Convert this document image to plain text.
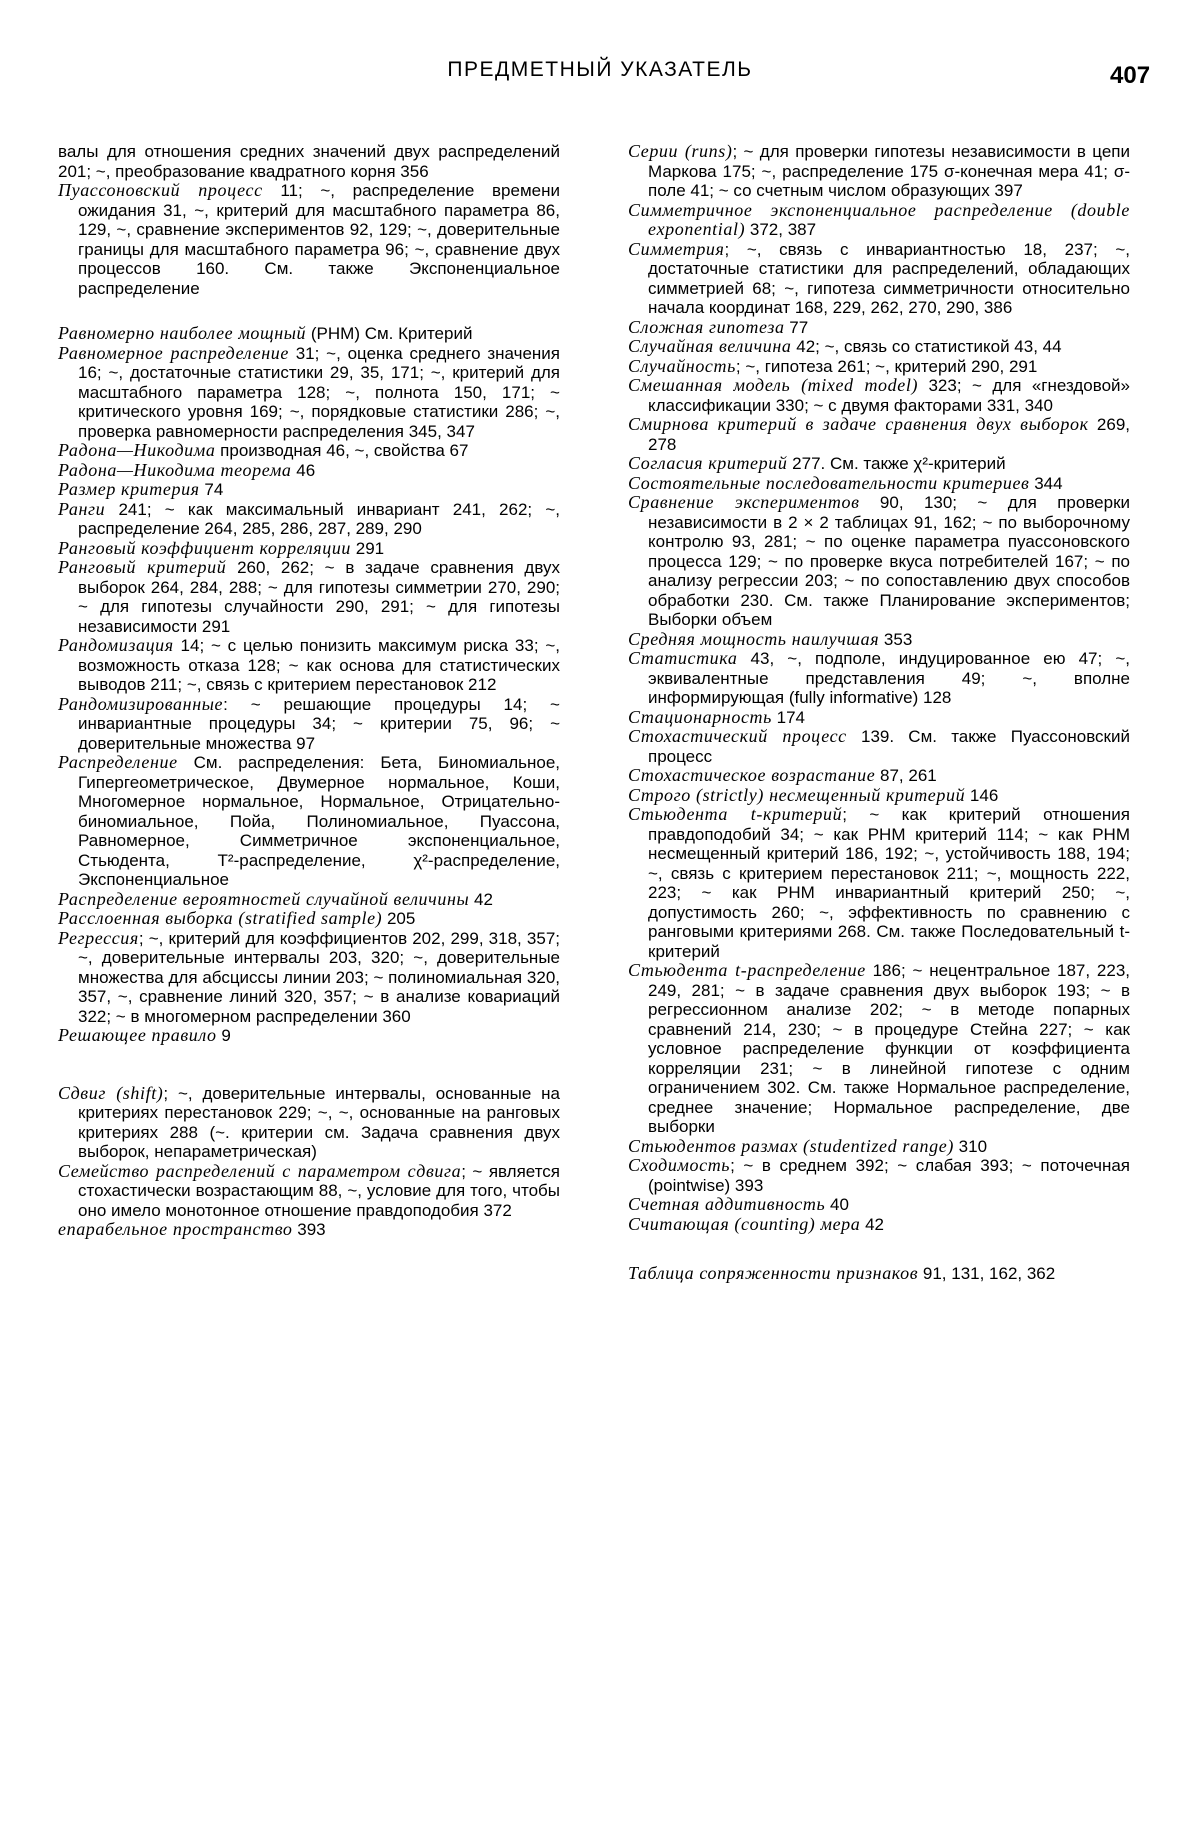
ПРЕДМЕТНЫЙ УКАЗАТЕЛЬ	407

валы для отношения средних значений двух распределений 201; ~, преобразование квадратного корня 356

Пуассоновский процесс 11; ~, распределение времени ожидания 31, ~, критерий для масштабного параметра 86, 129, ~, сравнение экспериментов 92, 129; ~, доверительные границы для масштабного параметра 96; ~, сравнение двух процессов 160. См. также Экспоненциальное распределение

Равномерно наиболее мощный (РНМ) См. Критерий

Равномерное распределение 31; ~, оценка среднего значения 16; ~, достаточные статистики 29, 35, 171; ~, критерий для масштабного параметра 128; ~, полнота 150, 171; ~ критического уровня 169; ~, порядковые статистики 286; ~, проверка равномерности распределения 345, 347

Радона—Никодима производная 46, ~, свойства 67

Радона—Никодима теорема 46

Размер критерия 74

Ранги 241; ~ как максимальный инвариант 241, 262; ~, распределение 264, 285, 286, 287, 289, 290

Ранговый коэффициент корреляции 291

Ранговый критерий 260, 262; ~ в задаче сравнения двух выборок 264, 284, 288; ~ для гипотезы симметрии 270, 290; ~ для гипотезы случайности 290, 291; ~ для гипотезы независимости 291

Рандомизация 14; ~ с целью понизить максимум риска 33; ~, возможность отказа 128; ~ как основа для статистических выводов 211; ~, связь с критерием перестановок 212

Рандомизированные: ~ решающие процедуры 14; ~ инвариантные процедуры 34; ~ критерии 75, 96; ~ доверительные множества 97

Распределение См. распределения: Бета, Биномиальное, Гипергеометрическое, Двумерное нормальное, Коши, Многомерное нормальное, Нормальное, Отрицательно-биномиальное, Пойа, Полиномиальное, Пуассона, Равномерное, Симметричное экспоненциальное, Стьюдента, T²-распределение, χ²-распределение, Экспоненциальное

Распределение вероятностей случайной величины 42

Расслоенная выборка (stratified sample) 205

Регрессия; ~, критерий для коэффициентов 202, 299, 318, 357; ~, доверительные интервалы 203, 320; ~, доверительные множества для абсциссы линии 203; ~ полиномиальная 320, 357, ~, сравнение линий 320, 357; ~ в анализе ковариаций 322; ~ в многомерном распределении 360

Решающее правило 9

Сдвиг (shift); ~, доверительные интервалы, основанные на критериях перестановок 229; ~, ~, основанные на ранговых критериях 288 (~. критерии см. Задача сравнения двух выборок, непараметрическая)

Семейство распределений с параметром сдвига; ~ является стохастически возрастающим 88, ~, условие для того, чтобы оно имело монотонное отношение правдоподобия 372

епарабельное пространство 393

Серии (runs); ~ для проверки гипотезы независимости в цепи Маркова 175; ~, распределение 175 σ-конечная мера 41; σ-поле 41; ~ со счетным числом образующих 397

Симметричное экспоненциальное распределение (double exponential) 372, 387

Симметрия; ~, связь с инвариантностью 18, 237; ~, достаточные статистики для распределений, обладающих симметрией 68; ~, гипотеза симметричности относительно начала координат 168, 229, 262, 270, 290, 386

Сложная гипотеза 77

Случайная величина 42; ~, связь со статистикой 43, 44

Случайность; ~, гипотеза 261; ~, критерий 290, 291

Смешанная модель (mixed model) 323; ~ для «гнездовой» классификации 330; ~ с двумя факторами 331, 340

Смирнова критерий в задаче сравнения двух выборок 269, 278

Согласия критерий 277. См. также χ²-критерий

Состоятельные последовательности критериев 344

Сравнение экспериментов 90, 130; ~ для проверки независимости в 2 × 2 таблицах 91, 162; ~ по выборочному контролю 93, 281; ~ по оценке параметра пуассоновского процесса 129; ~ по проверке вкуса потребителей 167; ~ по анализу регрессии 203; ~ по сопоставлению двух способов обработки 230. См. также Планирование экспериментов; Выборки объем

Средняя мощность наилучшая 353

Статистика 43, ~, подполе, индуцированное ею 47; ~, эквивалентные представления 49; ~, вполне информирующая (fully informative) 128

Стационарность 174

Стохастический процесс 139. См. также Пуассоновский процесс

Стохастическое возрастание 87, 261

Строго (strictly) несмещенный критерий 146

Стьюдента t-критерий; ~ как критерий отношения правдоподобий 34; ~ как РНМ критерий 114; ~ как РНМ несмещенный критерий 186, 192; ~, устойчивость 188, 194; ~, связь с критерием перестановок 211; ~, мощность 222, 223; ~ как РНМ инвариантный критерий 250; ~, допустимость 260; ~, эффективность по сравнению с ранговыми критериями 268. См. также Последовательный t-критерий

Стьюдента t-распределение 186; ~ нецентральное 187, 223, 249, 281; ~ в задаче сравнения двух выборок 193; ~ в регрессионном анализе 202; ~ в методе попарных сравнений 214, 230; ~ в процедуре Стейна 227; ~ как условное распределение функции от коэффициента корреляции 231; ~ в линейной гипотезе с одним ограничением 302. См. также Нормальное распределение, среднее значение; Нормальное распределение, две выборки

Стьюдентов размах (studentized range) 310

Сходимость; ~ в среднем 392; ~ слабая 393; ~ поточечная (pointwise) 393

Счетная аддитивность 40

Считающая (counting) мера 42

Таблица сопряженности признаков 91, 131, 162, 362
